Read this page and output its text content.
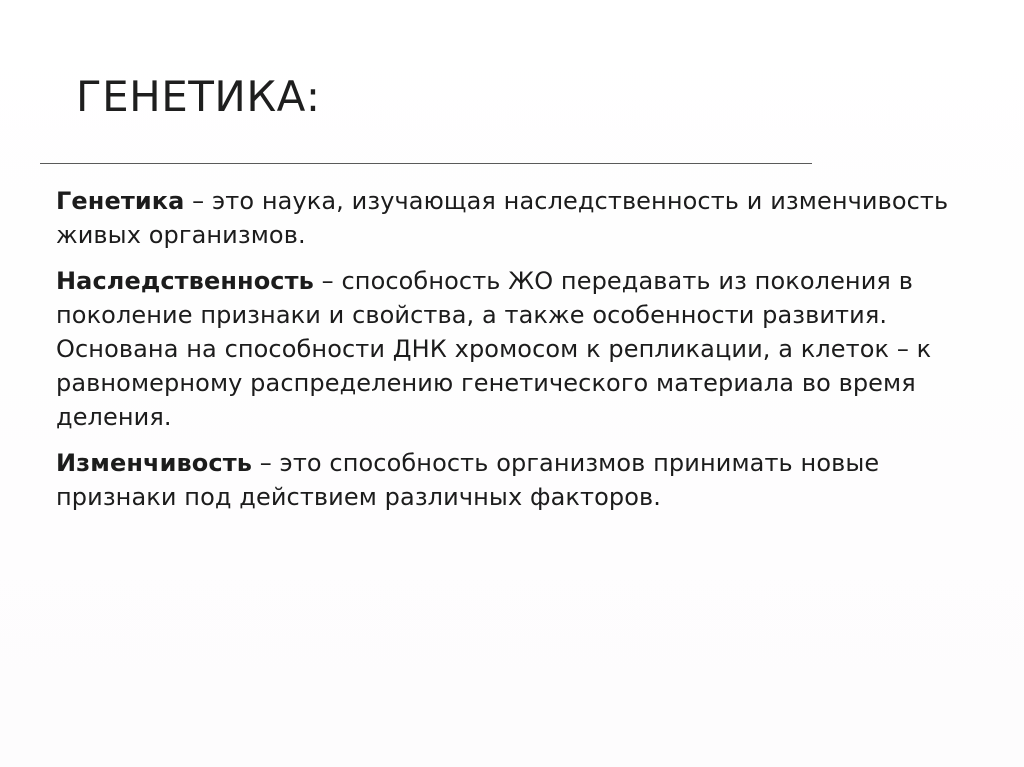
ГЕНЕТИКА:

Генетика – это наука, изучающая наследственность и изменчивость живых организмов.

Наследственность – способность ЖО передавать из поколения в поколение признаки и свойства, а также особенности развития. Основана на способности ДНК хромосом к репликации, а клеток – к равномерному распределению генетического материала во время деления.

Изменчивость – это способность организмов принимать новые признаки под действием различных факторов.
